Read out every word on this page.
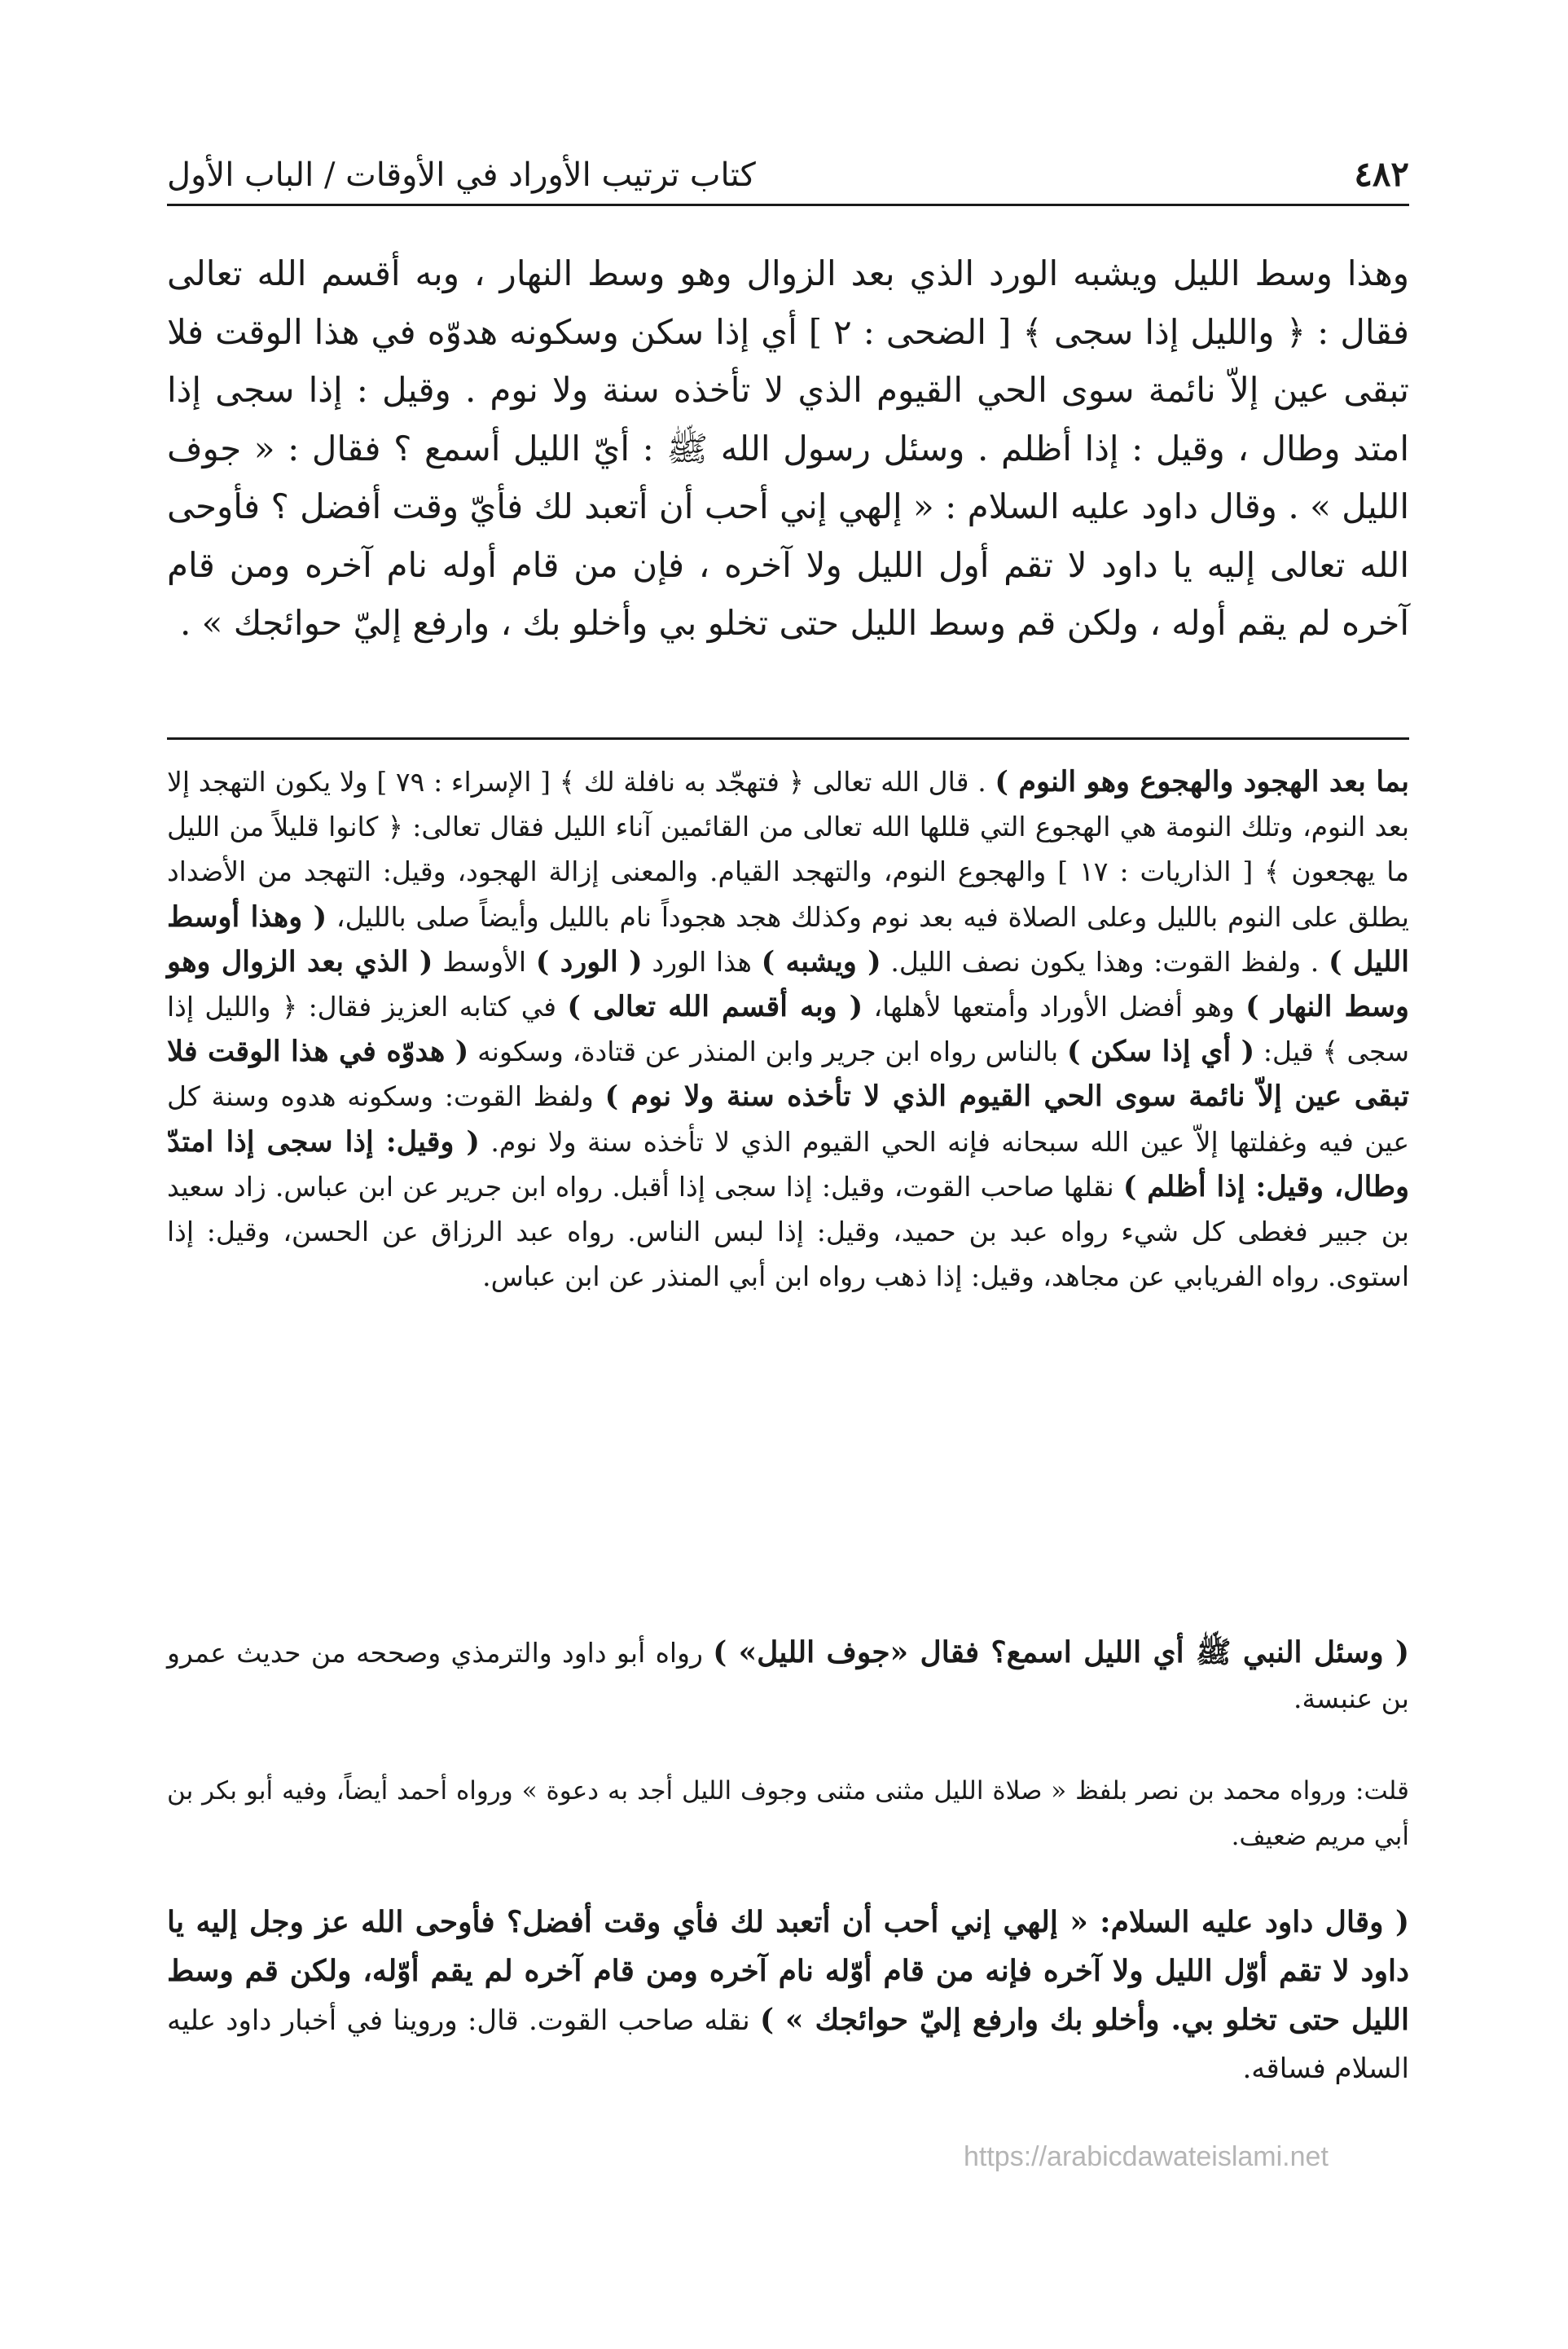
٤٨٢
كتاب ترتيب الأوراد في الأوقات / الباب الأول

وهذا وسط الليل ويشبه الورد الذي بعد الزوال وهو وسط النهار ، وبه أقسم الله تعالى فقال : ﴿ والليل إذا سجى ﴾ [ الضحى : ٢ ] أي إذا سكن وسكونه هدوّه في هذا الوقت فلا تبقى عين إلاّ نائمة سوى الحي القيوم الذي لا تأخذه سنة ولا نوم . وقيل : إذا سجى إذا امتد وطال ، وقيل : إذا أظلم . وسئل رسول الله ﷺ : أيّ الليل أسمع ؟ فقال : « جوف الليل » . وقال داود عليه السلام : « إلهي إني أحب أن أتعبد لك فأيّ وقت أفضل ؟ فأوحى الله تعالى إليه يا داود لا تقم أول الليل ولا آخره ، فإن من قام أوله نام آخره ومن قام آخره لم يقم أوله ، ولكن قم وسط الليل حتى تخلو بي وأخلو بك ، وارفع إليّ حوائجك » .

بما بعد الهجود والهجوع وهو النوم ) . قال الله تعالى ﴿ فتهجّد به نافلة لك ﴾ [ الإسراء : ٧٩ ] ولا يكون التهجد إلا بعد النوم، وتلك النومة هي الهجوع التي قللها الله تعالى من القائمين آناء الليل فقال تعالى: ﴿ كانوا قليلاً من الليل ما يهجعون ﴾ [ الذاريات : ١٧ ] والهجوع النوم، والتهجد القيام. والمعنى إزالة الهجود، وقيل: التهجد من الأضداد يطلق على النوم بالليل وعلى الصلاة فيه بعد نوم وكذلك هجد هجوداً نام بالليل وأيضاً صلى بالليل، ( وهذا أوسط الليل ) . ولفظ القوت: وهذا يكون نصف الليل. ( ويشبه ) هذا الورد ( الورد ) الأوسط ( الذي بعد الزوال وهو وسط النهار ) وهو أفضل الأوراد وأمتعها لأهلها، ( وبه أقسم الله تعالى ) في كتابه العزيز فقال: ﴿ والليل إذا سجى ﴾ قيل: ( أي إذا سكن ) بالناس رواه ابن جرير وابن المنذر عن قتادة، وسكونه ( هدوّه في هذا الوقت فلا تبقى عين إلاّ نائمة سوى الحي القيوم الذي لا تأخذه سنة ولا نوم ) ولفظ القوت: وسكونه هدوه وسنة كل عين فيه وغفلتها إلاّ عين الله سبحانه فإنه الحي القيوم الذي لا تأخذه سنة ولا نوم. ( وقيل: إذا سجى إذا امتدّ وطال، وقيل: إذا أظلم ) نقلها صاحب القوت، وقيل: إذا سجى إذا أقبل. رواه ابن جرير عن ابن عباس. زاد سعيد بن جبير فغطى كل شيء رواه عبد بن حميد، وقيل: إذا لبس الناس. رواه عبد الرزاق عن الحسن، وقيل: إذا استوى. رواه الفريابي عن مجاهد، وقيل: إذا ذهب رواه ابن أبي المنذر عن ابن عباس.

( وسئل النبي ﷺ أي الليل اسمع؟ فقال «جوف الليل» ) رواه أبو داود والترمذي وصححه من حديث عمرو بن عنبسة.

قلت: ورواه محمد بن نصر بلفظ « صلاة الليل مثنى مثنى وجوف الليل أجد به دعوة » ورواه أحمد أيضاً، وفيه أبو بكر بن أبي مريم ضعيف.

( وقال داود عليه السلام: « إلهي إني أحب أن أتعبد لك فأي وقت أفضل؟ فأوحى الله عز وجل إليه يا داود لا تقم أوّل الليل ولا آخره فإنه من قام أوّله نام آخره ومن قام آخره لم يقم أوّله، ولكن قم وسط الليل حتى تخلو بي. وأخلو بك وارفع إليّ حوائجك » ) نقله صاحب القوت. قال: وروينا في أخبار داود عليه السلام فساقه.

https://arabicdawateislami.net
